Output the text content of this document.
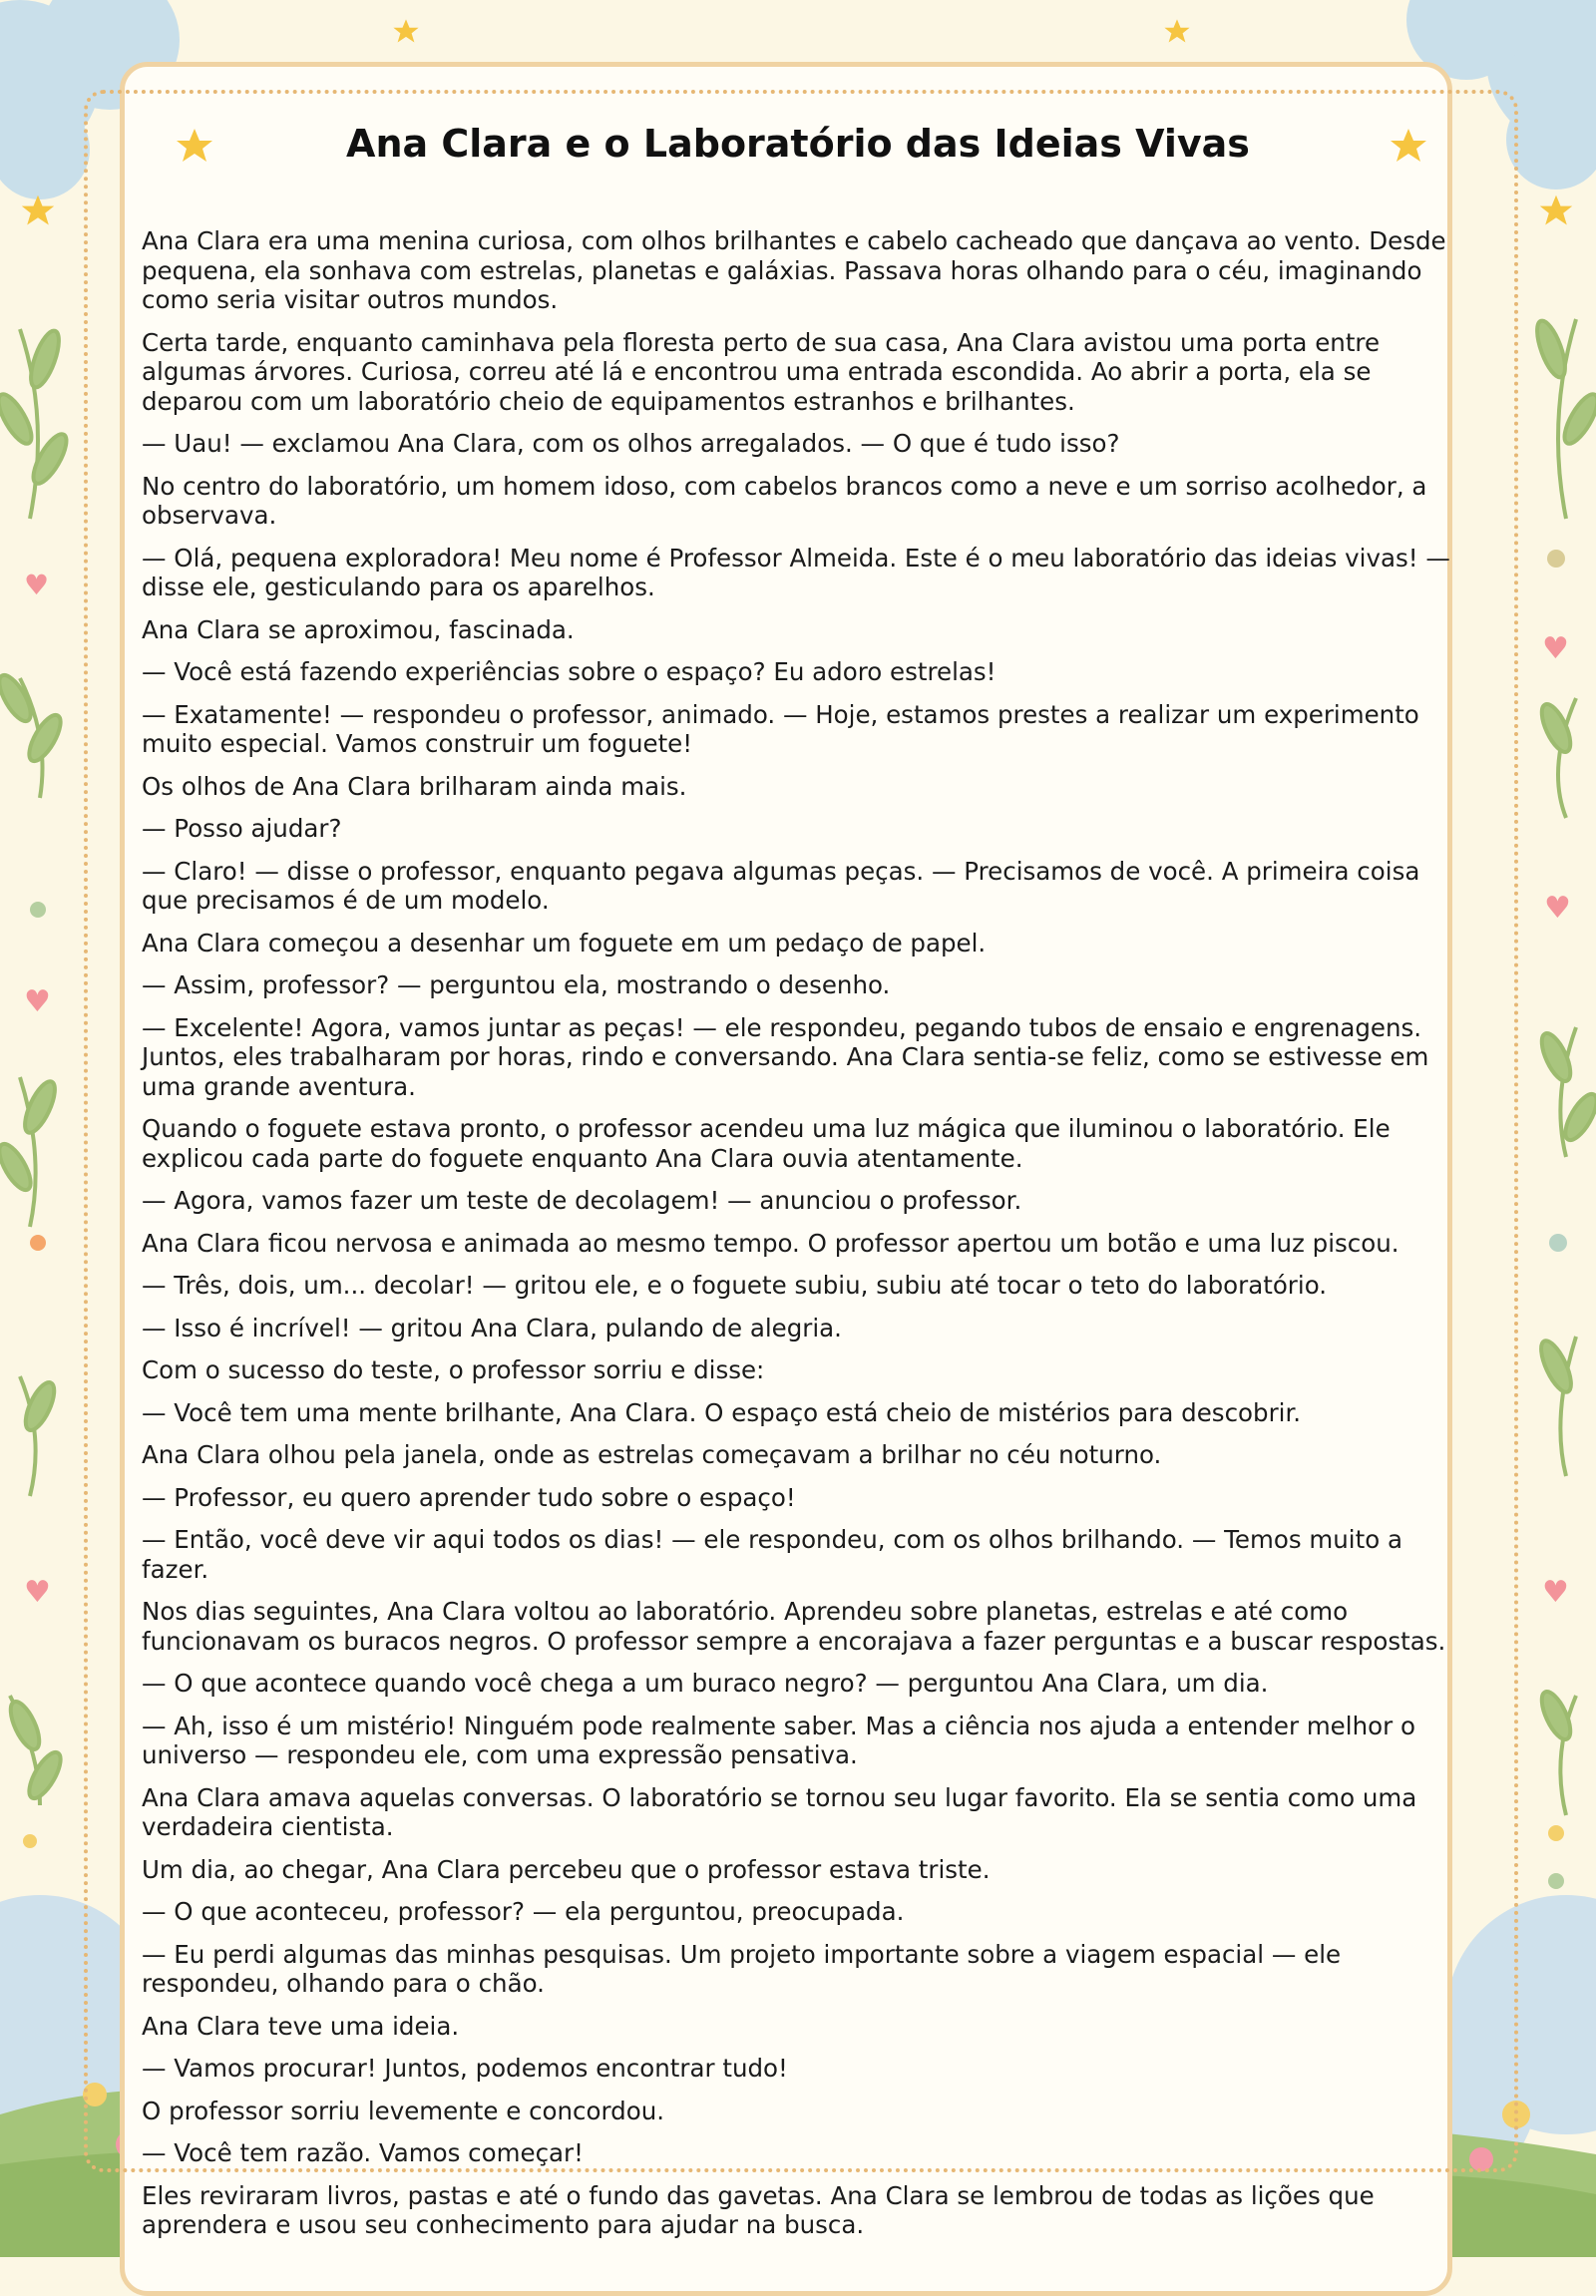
♥
♥
♥
♥
♥
♥
Ana Clara e o Laboratório das Ideias Vivas

Ana Clara era uma menina curiosa, com olhos brilhantes e cabelo cacheado que dançava ao vento. Desde pequena, ela sonhava com estrelas, planetas e galáxias. Passava horas olhando para o céu, imaginando como seria visitar outros mundos.

Certa tarde, enquanto caminhava pela floresta perto de sua casa, Ana Clara avistou uma porta entre algumas árvores. Curiosa, correu até lá e encontrou uma entrada escondida. Ao abrir a porta, ela se deparou com um laboratório cheio de equipamentos estranhos e brilhantes.

— Uau! — exclamou Ana Clara, com os olhos arregalados. — O que é tudo isso?

No centro do laboratório, um homem idoso, com cabelos brancos como a neve e um sorriso acolhedor, a observava.

— Olá, pequena exploradora! Meu nome é Professor Almeida. Este é o meu laboratório das ideias vivas! — disse ele, gesticulando para os aparelhos.

Ana Clara se aproximou, fascinada.

— Você está fazendo experiências sobre o espaço? Eu adoro estrelas!

— Exatamente! — respondeu o professor, animado. — Hoje, estamos prestes a realizar um experimento muito especial. Vamos construir um foguete!

Os olhos de Ana Clara brilharam ainda mais.

— Posso ajudar?

— Claro! — disse o professor, enquanto pegava algumas peças. — Precisamos de você. A primeira coisa que precisamos é de um modelo.

Ana Clara começou a desenhar um foguete em um pedaço de papel.

— Assim, professor? — perguntou ela, mostrando o desenho.

— Excelente! Agora, vamos juntar as peças! — ele respondeu, pegando tubos de ensaio e engrenagens. Juntos, eles trabalharam por horas, rindo e conversando. Ana Clara sentia-se feliz, como se estivesse em uma grande aventura.

Quando o foguete estava pronto, o professor acendeu uma luz mágica que iluminou o laboratório. Ele explicou cada parte do foguete enquanto Ana Clara ouvia atentamente.

— Agora, vamos fazer um teste de decolagem! — anunciou o professor.

Ana Clara ficou nervosa e animada ao mesmo tempo. O professor apertou um botão e uma luz piscou.

— Três, dois, um... decolar! — gritou ele, e o foguete subiu, subiu até tocar o teto do laboratório.

— Isso é incrível! — gritou Ana Clara, pulando de alegria.

Com o sucesso do teste, o professor sorriu e disse:

— Você tem uma mente brilhante, Ana Clara. O espaço está cheio de mistérios para descobrir.

Ana Clara olhou pela janela, onde as estrelas começavam a brilhar no céu noturno.

— Professor, eu quero aprender tudo sobre o espaço!

— Então, você deve vir aqui todos os dias! — ele respondeu, com os olhos brilhando. — Temos muito a fazer.

Nos dias seguintes, Ana Clara voltou ao laboratório. Aprendeu sobre planetas, estrelas e até como funcionavam os buracos negros. O professor sempre a encorajava a fazer perguntas e a buscar respostas.

— O que acontece quando você chega a um buraco negro? — perguntou Ana Clara, um dia.

— Ah, isso é um mistério! Ninguém pode realmente saber. Mas a ciência nos ajuda a entender melhor o universo — respondeu ele, com uma expressão pensativa.

Ana Clara amava aquelas conversas. O laboratório se tornou seu lugar favorito. Ela se sentia como uma verdadeira cientista.

Um dia, ao chegar, Ana Clara percebeu que o professor estava triste.

— O que aconteceu, professor? — ela perguntou, preocupada.

— Eu perdi algumas das minhas pesquisas. Um projeto importante sobre a viagem espacial — ele respondeu, olhando para o chão.

Ana Clara teve uma ideia.

— Vamos procurar! Juntos, podemos encontrar tudo!

O professor sorriu levemente e concordou.

— Você tem razão. Vamos começar!

Eles reviraram livros, pastas e até o fundo das gavetas. Ana Clara se lembrou de todas as lições que aprendera e usou seu conhecimento para ajudar na busca.
